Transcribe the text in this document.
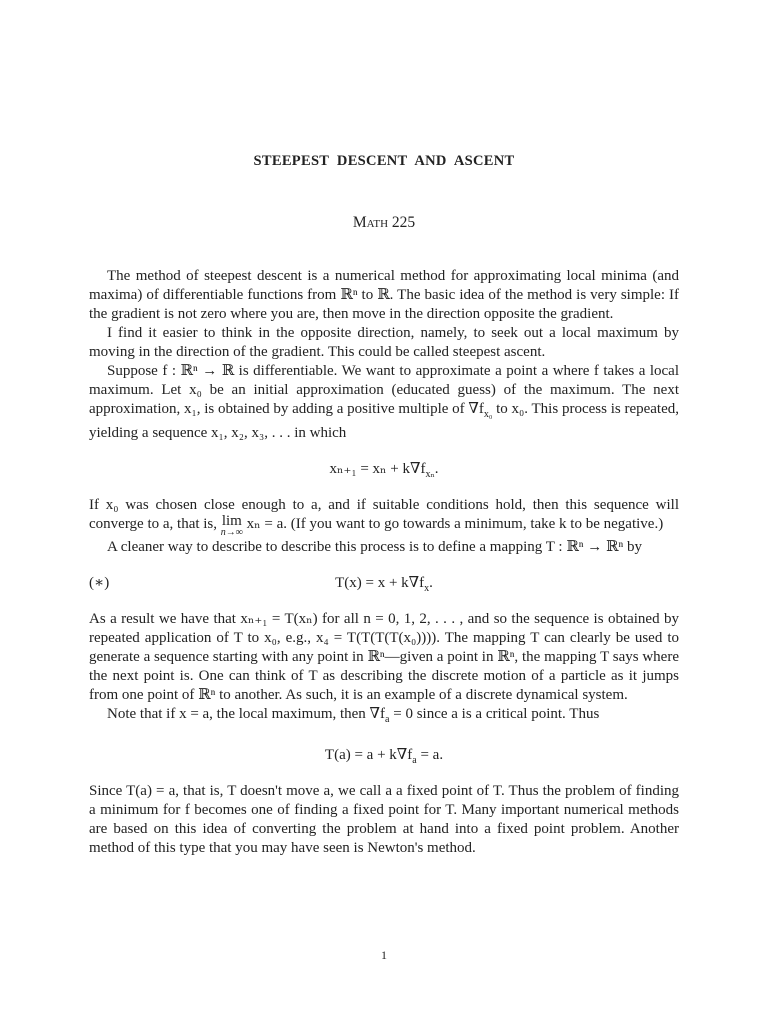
STEEPEST DESCENT AND ASCENT
Math 225

The method of steepest descent is a numerical method for approximating local minima (and maxima) of differentiable functions from ℝⁿ to ℝ. The basic idea of the method is very simple: If the gradient is not zero where you are, then move in the direction opposite the gradient.

I find it easier to think in the opposite direction, namely, to seek out a local maximum by moving in the direction of the gradient. This could be called steepest ascent.

Suppose f : ℝⁿ → ℝ is differentiable. We want to approximate a point a where f takes a local maximum. Let x₀ be an initial approximation (educated guess) of the maximum. The next approximation, x₁, is obtained by adding a positive multiple of $\nabla f_{x_0}$ to x₀. This process is repeated, yielding a sequence x₁, x₂, x₃, . . . in which

$x_{n+1} = x_n + k\nabla f_{x_n}$.

If x₀ was chosen close enough to a, and if suitable conditions hold, then this sequence will converge to a, that is, lim
n→∞
xₙ = a. (If you want to go towards a minimum, take k to be negative.)

A cleaner way to describe to describe this process is to define a mapping T : ℝⁿ → ℝⁿ by

(∗)	$T(x) = x + k\nabla f_x$.

As a result we have that xₙ₊₁ = T(xₙ) for all n = 0, 1, 2, . . . , and so the sequence is obtained by repeated application of T to x₀, e.g., x₄ = T(T(T(T(x₀)))). The mapping T can clearly be used to generate a sequence starting with any point in ℝⁿ—given a point in ℝⁿ, the mapping T says where the next point is. One can think of T as describing the discrete motion of a particle as it jumps from one point of ℝⁿ to another. As such, it is an example of a discrete dynamical system.

Note that if x = a, the local maximum, then $\nabla f_a = 0$ since a is a critical point. Thus

$T(a) = a + k\nabla f_a = a$.

Since T(a) = a, that is, T doesn't move a, we call a a fixed point of T. Thus the problem of finding a minimum for f becomes one of finding a fixed point for T. Many important numerical methods are based on this idea of converting the problem at hand into a fixed point problem. Another method of this type that you may have seen is Newton's method.

1
